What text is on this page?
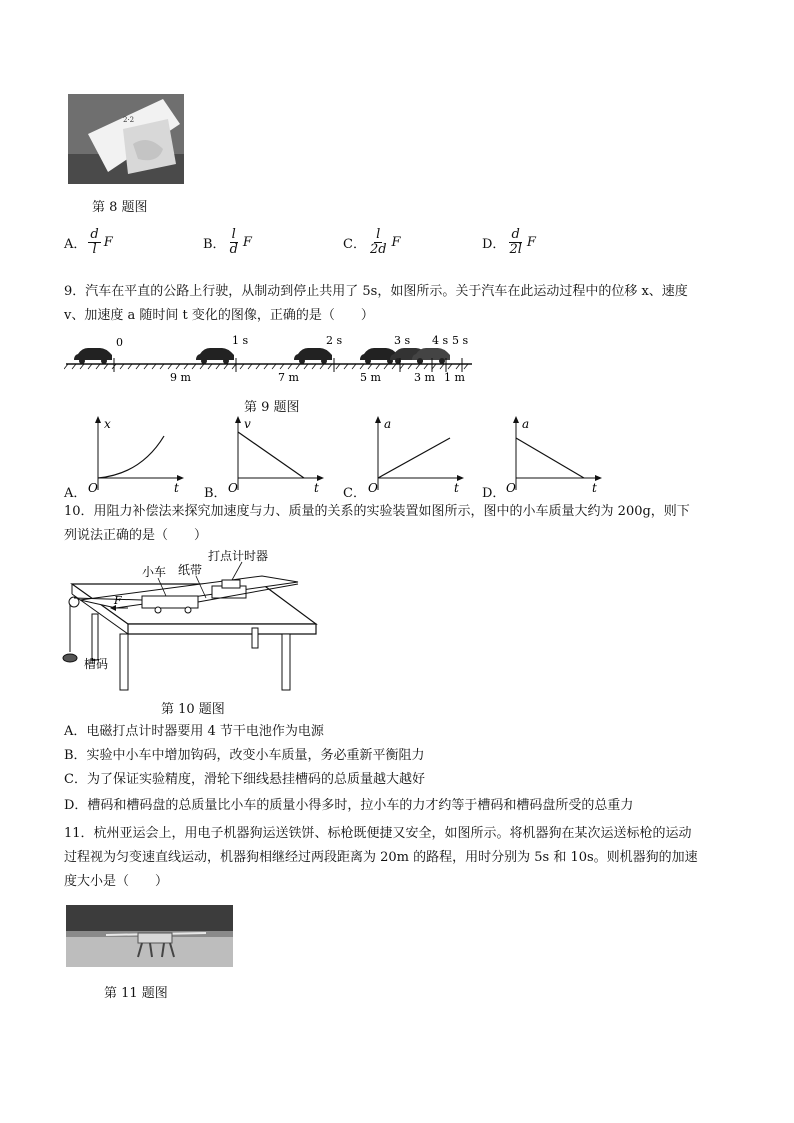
2·2
第 8 题图
A． $\frac{d}{l}$ F	B． $\frac{l}{d}$ F	C． $\frac{l}{2d}$ F	D． $\frac{d}{2l}$ F
9．汽车在平直的公路上行驶，从制动到停止共用了 5s，如图所示。关于汽车在此运动过程中的位移 x、速度
v、加速度 a 随时间 t 变化的图像，正确的是（　　）
0	1 s	2 s	3 s 4 s 5 s
9 m	7 m	5 m	3 m 1 m
第 9 题图
A．
x
t
O	B．
v
t
O	C．
a
t
O	D．
a
t
O
10．用阻力补偿法来探究加速度与力、质量的关系的实验装置如图所示，图中的小车质量大约为 200g，则下
列说法正确的是（　　）
小车 纸带
打点计时器
F
槽码
第 10 题图
A．电磁打点计时器要用 4 节干电池作为电源
B．实验中小车中增加钩码，改变小车质量，务必重新平衡阻力
C．为了保证实验精度，滑轮下细线悬挂槽码的总质量越大越好
D．槽码和槽码盘的总质量比小车的质量小得多时，拉小车的力才约等于槽码和槽码盘所受的总重力
11．杭州亚运会上，用电子机器狗运送铁饼、标枪既便捷又安全，如图所示。将机器狗在某次运送标枪的运动
过程视为匀变速直线运动，机器狗相继经过两段距离为 20m 的路程，用时分别为 5s 和 10s。则机器狗的加速
度大小是（　　）
第 11 题图
